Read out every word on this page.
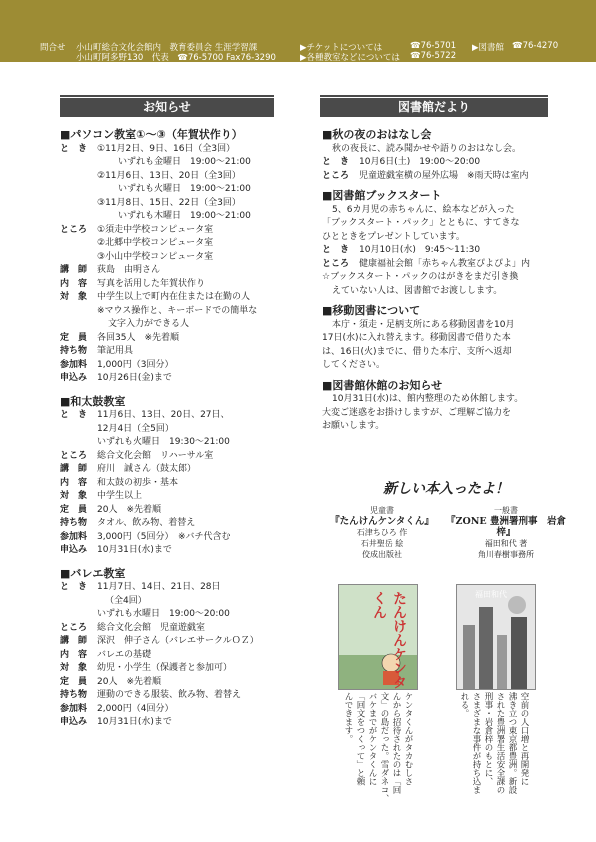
問合せ 小山町総合文化会館内　教育委員会 生涯学習課
小山町阿多野130　代表　☎76-5700 Fax76-3290
▶チケットについては	☎76-5701 ▶図書館 ☎76-4270
▶各種教室などについては ☎76-5722
お知らせ	図書館だより
■ パソコン教室①〜③（年賀状作り）
と　き	①11月2日、9日、16日（全3回）
いずれも金曜日　19:00〜21:00
②11月6日、13日、20日（全3回）
いずれも火曜日　19:00〜21:00
③11月8日、15日、22日（全3回）
いずれも木曜日　19:00〜21:00
ところ	①須走中学校コンピュータ室
②北郷中学校コンピュータ室
③小山中学校コンピュータ室
講　師	荻島　由明さん
内　容	写真を活用した年賀状作り
対　象	中学生以上で町内在住または在勤の人
※マウス操作と、キーボードでの簡単な
文字入力ができる人
定　員	各回35人　※先着順
持ち物	筆記用具
参加料	1,000円（3回分）
申込み	10月26日(金)まで
■ 和太鼓教室
と　き	11月6日、13日、20日、27日、
12月4日（全5回）
いずれも火曜日　19:30〜21:00
ところ	総合文化会館　リハーサル室
講　師	府川　誠さん（鼓太郎）
内　容	和太鼓の初歩・基本
対　象	中学生以上
定　員	20人　※先着順
持ち物	タオル、飲み物、着替え
参加料	3,000円（5回分）　※バチ代含む
申込み	10月31日(水)まで
■ バレエ教室
と　き	11月7日、14日、21日、28日
（全4回）
いずれも水曜日　19:00〜20:00
ところ	総合文化会館　児童遊戯室
講　師	深沢　伸子さん（バレエサークルＯＺ）
内　容	バレエの基礎
対　象	幼児・小学生（保護者と参加可）
定　員	20人　※先着順
持ち物	運動のできる服装、飲み物、着替え
参加料	2,000円（4回分）
申込み	10月31日(水)まで
■ 秋の夜のおはなし会
秋の夜長に、読み聞かせや語りのおはなし会。
と　き	10月6日(土)　19:00〜20:00
ところ	児童遊戯室横の屋外広場　※雨天時は室内
■ 図書館ブックスタート
5、6カ月児の赤ちゃんに、絵本などが入った
「ブックスタート・パック」とともに、すてきな
ひとときをプレゼントしています。
と　き	10月10日(水)　9:45〜11:30
ところ	健康福祉会館「赤ちゃん教室ぴよぴよ」内
☆ブックスタート・パックのはがきをまだ引き換
えていない人は、図書館でお渡しします。
■ 移動図書について
本庁・須走・足柄支所にある移動図書を10月
17日(水)に入れ替えます。移動図書で借りた本
は、16日(火)までに、借りた本庁、支所へ返却
してください。
■ 図書館休館のお知らせ
10月31日(水)は、館内整理のため休館します。
大変ご迷惑をお掛けしますが、ご理解ご協力を
お願いします。
新しい本入ったよ！
児童書
『たんけんケンタくん』
石津ちひろ 作
石井聖岳 絵
佼成出版社
一般書
『ZONE 豊洲署刑事　岩倉梓』
福田和代 著
角川春樹事務所
たんけんケンタくん	福田和代
ケンタくんがタカむしさ
んから招待されたのは「回
文」の島だった。雪ダネコ、
バケまでがケンタくんに
「回文をつくって」と頼
んできます。	空前の人口増と再開発に
沸き立つ東京都豊洲。新設
された豊洲署生活安全課の
刑事・岩倉梓のもとに、
さまざまな事件が持ち込ま
れる。
